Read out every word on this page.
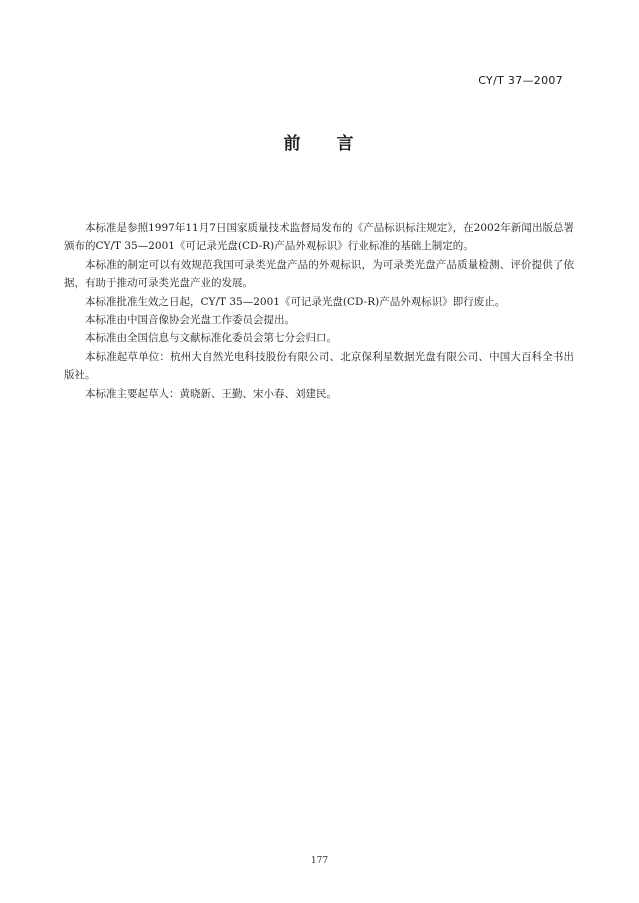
CY/T 37—2007
前 言

本标准是参照1997年11月7日国家质量技术监督局发布的《产品标识标注规定》，在2002年新闻出版总署颁布的CY/T 35—2001《可记录光盘(CD-R)产品外观标识》行业标准的基础上制定的。

本标准的制定可以有效规范我国可录类光盘产品的外观标识，为可录类光盘产品质量检测、评价提供了依据，有助于推动可录类光盘产业的发展。

本标准批准生效之日起，CY/T 35—2001《可记录光盘(CD-R)产品外观标识》即行废止。

本标准由中国音像协会光盘工作委员会提出。

本标准由全国信息与文献标准化委员会第七分会归口。

本标准起草单位：杭州大自然光电科技股份有限公司、北京保利星数据光盘有限公司、中国大百科全书出版社。

本标准主要起草人：黄晓新、王勤、宋小春、刘建民。

177
